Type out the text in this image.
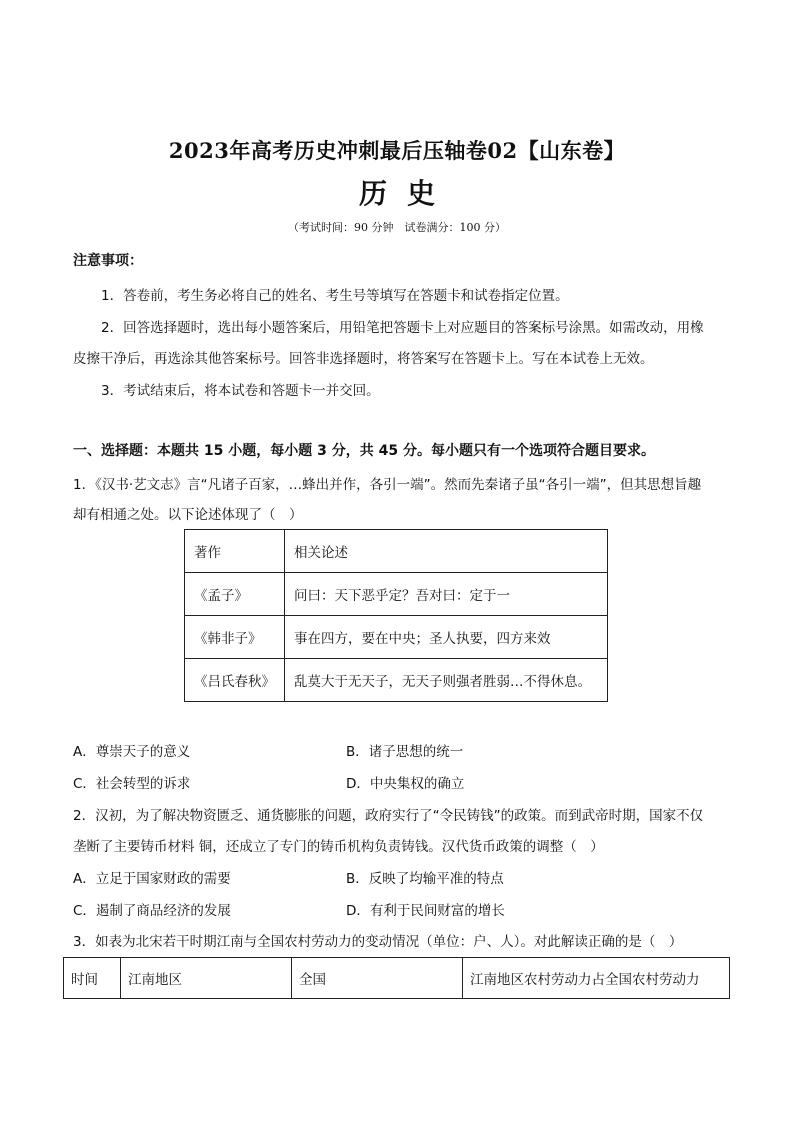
2023年高考历史冲刺最后压轴卷02【山东卷】
历史
（考试时间：90 分钟　试卷满分：100 分）
注意事项：
1．答卷前，考生务必将自己的姓名、考生号等填写在答题卡和试卷指定位置。
2．回答选择题时，选出每小题答案后，用铅笔把答题卡上对应题目的答案标号涂黑。如需改动，用橡
皮擦干净后，再选涂其他答案标号。回答非选择题时，将答案写在答题卡上。写在本试卷上无效。
3．考试结束后，将本试卷和答题卡一并交回。
一、选择题：本题共 15 小题，每小题 3 分，共 45 分。每小题只有一个选项符合题目要求。
1．《汉书·艺文志》言“凡诸子百家，…蜂出并作，各引一端”。然而先秦诸子虽“各引一端”，但其思想旨趣
却有相通之处。以下论述体现了（　）
著作	相关论述
《孟子》	问曰：天下恶乎定？吾对曰：定于一
《韩非子》	事在四方，要在中央；圣人执要，四方来效
《吕氏春秋》	乱莫大于无天子，无天子则强者胜弱…不得休息。
A．尊崇天子的意义	B．诸子思想的统一
C．社会转型的诉求	D．中央集权的确立
2．汉初，为了解决物资匮乏、通货膨胀的问题，政府实行了“令民铸钱”的政策。而到武帝时期，国家不仅
垄断了主要铸币材料 铜，还成立了专门的铸币机构负责铸钱。汉代货币政策的调整（　）
A．立足于国家财政的需要	B．反映了均输平准的特点
C．遏制了商品经济的发展	D．有利于民间财富的增长
3．如表为北宋若干时期江南与全国农村劳动力的变动情况（单位：户、人）。对此解读正确的是（　）
时间	江南地区	全国	江南地区农村劳动力占全国农村劳动力
